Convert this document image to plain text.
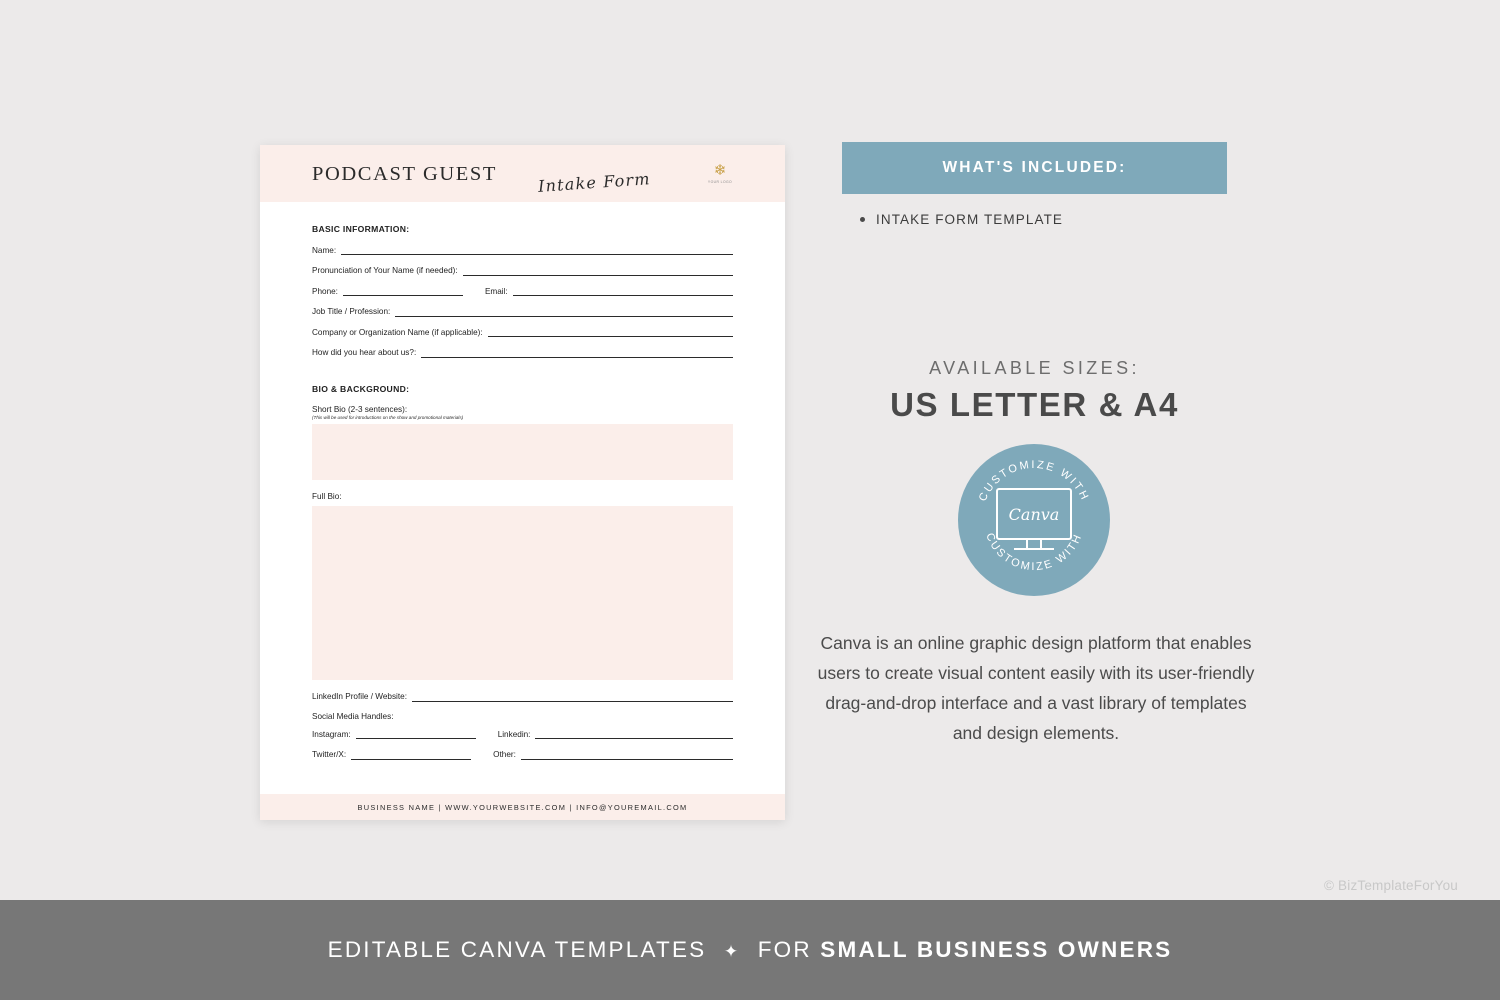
PODCAST GUEST	Intake Form	❄
YOUR LOGO
BASIC INFORMATION:
Name:
Pronunciation of Your Name (if needed):
Phone:	Email:
Job Title / Profession:
Company or Organization Name (if applicable):
How did you hear about us?:
BIO & BACKGROUND:
Short Bio (2-3 sentences):
(This will be used for introductions on the show and promotional materials)
Full Bio:
LinkedIn Profile / Website:
Social Media Handles:
Instagram:	Linkedin:
Twitter/X:	Other:
BUSINESS NAME | WWW.YOURWEBSITE.COM | INFO@YOUREMAIL.COM
WHAT'S INCLUDED:
INTAKE FORM TEMPLATE
AVAILABLE SIZES:
US LETTER & A4
CUSTOMIZE WITH
CUSTOMIZE WITH
Canva
Canva is an online graphic design platform that enables users to create visual content easily with its user-friendly drag-and-drop interface and a vast library of templates and design elements.
© BizTemplateForYou
EDITABLE CANVA TEMPLATES ✦ FOR SMALL BUSINESS OWNERS
